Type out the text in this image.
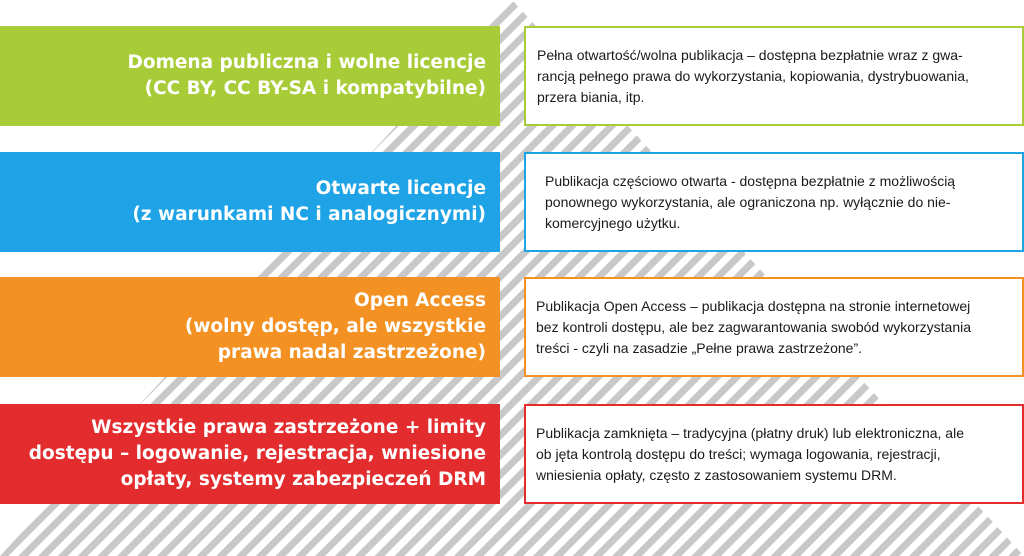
Domena publiczna i wolne licencje
(CC BY, CC BY-SA i kompatybilne)
Pełna otwartość/wolna publikacja – dostępna bezpłatnie wraz z gwa-
rancją pełnego prawa do wykorzystania, kopiowania, dystrybuowania,
przera biania, itp.
Otwarte licencje
(z warunkami NC i analogicznymi)
Publikacja częściowo otwarta - dostępna bezpłatnie z możliwością
ponownego wykorzystania, ale ograniczona np. wyłącznie do nie-
komercyjnego użytku.
Open Access
(wolny dostęp, ale wszystkie
prawa nadal zastrzeżone)
Publikacja Open Access – publikacja dostępna na stronie internetowej
bez kontroli dostępu, ale bez zagwarantowania swobód wykorzystania
treści - czyli na zasadzie „Pełne prawa zastrzeżone”.
Wszystkie prawa zastrzeżone + limity
dostępu – logowanie, rejestracja, wniesione
opłaty, systemy zabezpieczeń DRM
Publikacja zamknięta – tradycyjna (płatny druk) lub elektroniczna, ale
ob jęta kontrolą dostępu do treści; wymaga logowania, rejestracji,
wniesienia opłaty, często z zastosowaniem systemu DRM.
